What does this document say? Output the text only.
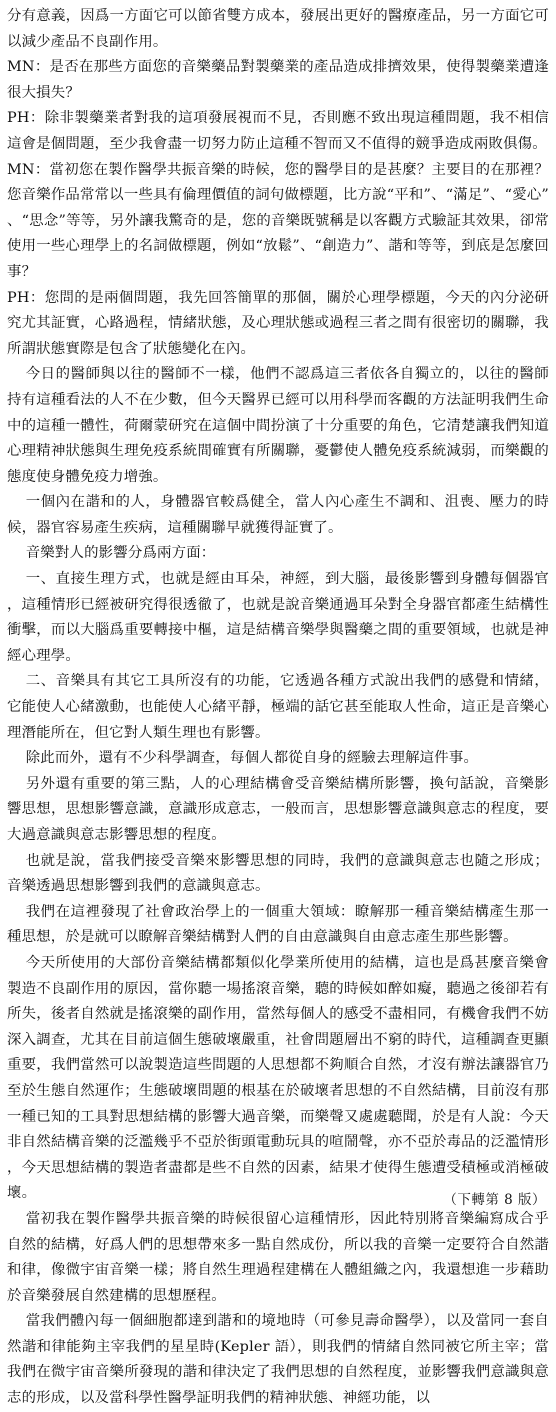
分有意義，因爲一方面它可以節省雙方成本，發展出更好的醫療產品，另一方面它可以減少產品不良副作用。

MN：是否在那些方面您的音樂藥品對製藥業的產品造成排擠效果，使得製藥業遭逢很大損失？

PH：除非製藥業者對我的這項發展視而不見，否則應不致出現這種問題，我不相信這會是個問題，至少我會盡一切努力防止這種不智而又不值得的競爭造成兩敗俱傷。

MN：當初您在製作醫學共振音樂的時候，您的醫學目的是甚麼？主要目的在那裡？您音樂作品常常以一些具有倫理價值的詞句做標題，比方說“平和”、“滿足”、“愛心”、“思念”等等，另外讓我驚奇的是，您的音樂既號稱是以客觀方式驗証其效果，卻常使用一些心理學上的名詞做標題，例如“放鬆”、“創造力”、諧和等等，到底是怎麼回事？

PH：您問的是兩個問題，我先回答簡單的那個，關於心理學標題，今天的內分泌研究尤其証實，心路過程，情緒狀態，及心理狀態或過程三者之間有很密切的關聯，我所謂狀態實際是包含了狀態變化在內。

今日的醫師與以往的醫師不一樣，他們不認爲這三者依各自獨立的，以往的醫師持有這種看法的人不在少數，但今天醫界已經可以用科學而客觀的方法証明我們生命中的這種一體性，荷爾蒙研究在這個中間扮演了十分重要的角色，它清楚讓我們知道心理精神狀態與生理免疫系統間確實有所關聯，憂鬱使人體免疫系統減弱，而樂觀的態度使身體免疫力增強。

一個內在諧和的人，身體器官較爲健全，當人內心產生不調和、沮喪、壓力的時候，器官容易產生疾病，這種關聯早就獲得証實了。

音樂對人的影響分爲兩方面：

一、直接生理方式，也就是經由耳朵，神經，到大腦，最後影響到身體每個器官，這種情形已經被研究得很透徹了，也就是說音樂通過耳朵對全身器官都產生結構性衝擊，而以大腦爲重要轉接中樞，這是結構音樂學與醫藥之間的重要領域，也就是神經心理學。

二、音樂具有其它工具所沒有的功能，它透過各種方式說出我們的感覺和情緒，它能使人心緒激動，也能使人心緒平靜，極端的話它甚至能取人性命，這正是音樂心理潛能所在，但它對人類生理也有影響。

除此而外，還有不少科學調查，每個人都從自身的經驗去理解這件事。

另外還有重要的第三點，人的心理結構會受音樂結構所影響，換句話說，音樂影響思想，思想影響意識，意識形成意志，一般而言，思想影響意識與意志的程度，要大過意識與意志影響思想的程度。

也就是說，當我們接受音樂來影響思想的同時，我們的意識與意志也隨之形成；音樂透過思想影響到我們的意識與意志。

我們在這裡發現了社會政治學上的一個重大領域：瞭解那一種音樂結構產生那一種思想，於是就可以瞭解音樂結構對人們的自由意識與自由意志產生那些影響。

今天所使用的大部份音樂結構都類似化學業所使用的結構，這也是爲甚麼音樂會製造不良副作用的原因，當你聽一場搖滾音樂，聽的時候如醉如癡，聽過之後卻若有所失，後者自然就是搖滾樂的副作用，當然每個人的感受不盡相同，有機會我們不妨深入調查，尤其在目前這個生態破壞嚴重，社會問題層出不窮的時代，這種調查更顯重要，我們當然可以說製造這些問題的人思想都不夠順合自然，才沒有辦法讓器官乃至於生態自然運作；生態破壞問題的根基在於破壞者思想的不自然結構，目前沒有那一種已知的工具對思想結構的影響大過音樂，而樂聲又處處聽聞，於是有人說：今天非自然結構音樂的泛濫幾乎不亞於街頭電動玩具的喧鬧聲，亦不亞於毒品的泛濫情形，今天思想結構的製造者盡都是些不自然的因素，結果才使得生態遭受積極或消極破壞。

當初我在製作醫學共振音樂的時候很留心這種情形，因此特別將音樂編寫成合乎自然的結構，好爲人們的思想帶來多一點自然成份，所以我的音樂一定要符合自然諧和律，像微宇宙音樂一樣；將自然生理過程建構在人體組織之內，我還想進一步藉助於音樂發展自然建構的思想歷程。

當我們體內每一個細胞都達到諧和的境地時（可參見壽命醫學），以及當同一套自然諧和律能夠主宰我們的星星時(Kepler 語），則我們的情緒自然同被它所主宰；當我們在微宇宙音樂所發現的諧和律決定了我們思想的自然程度，並影響我們意識與意志的形成，以及當科學性醫學証明我們的精神狀態、神經功能，以

（下轉第 8 版）
